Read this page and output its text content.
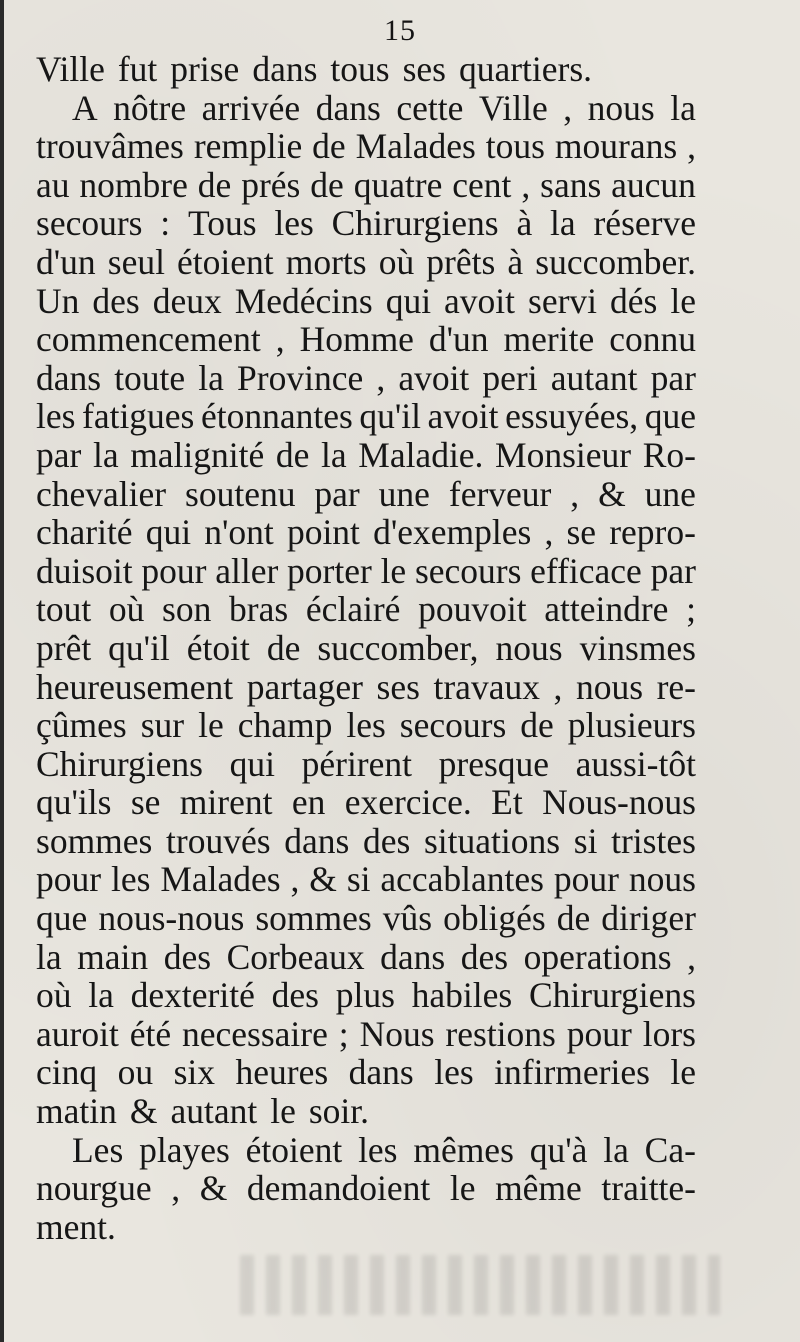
15
Ville fut prise dans tous ses quartiers.
A nôtre arrivée dans cette Ville , nous la
trouvâmes remplie de Malades tous mourans ,
au nombre de prés de quatre cent , sans aucun
secours : Tous les Chirurgiens à la réserve
d'un seul étoient morts où prêts à succomber.
Un des deux Medécins qui avoit servi dés le
commencement , Homme d'un merite connu
dans toute la Province , avoit peri autant par
les fatigues étonnantes qu'il avoit essuyées, que
par la malignité de la Maladie. Monsieur Ro-
chevalier soutenu par une ferveur , & une
charité qui n'ont point d'exemples , se repro-
duisoit pour aller porter le secours efficace par
tout où son bras éclairé pouvoit atteindre ;
prêt qu'il étoit de succomber, nous vinsmes
heureusement partager ses travaux , nous re-
çûmes sur le champ les secours de plusieurs
Chirurgiens qui périrent presque aussi-tôt
qu'ils se mirent en exercice. Et Nous-nous
sommes trouvés dans des situations si tristes
pour les Malades , & si accablantes pour nous
que nous-nous sommes vûs obligés de diriger
la main des Corbeaux dans des operations ,
où la dexterité des plus habiles Chirurgiens
auroit été necessaire ; Nous restions pour lors
cinq ou six heures dans les infirmeries le
matin & autant le soir.
Les playes étoient les mêmes qu'à la Ca-
nourgue , & demandoient le même traitte-
ment.
